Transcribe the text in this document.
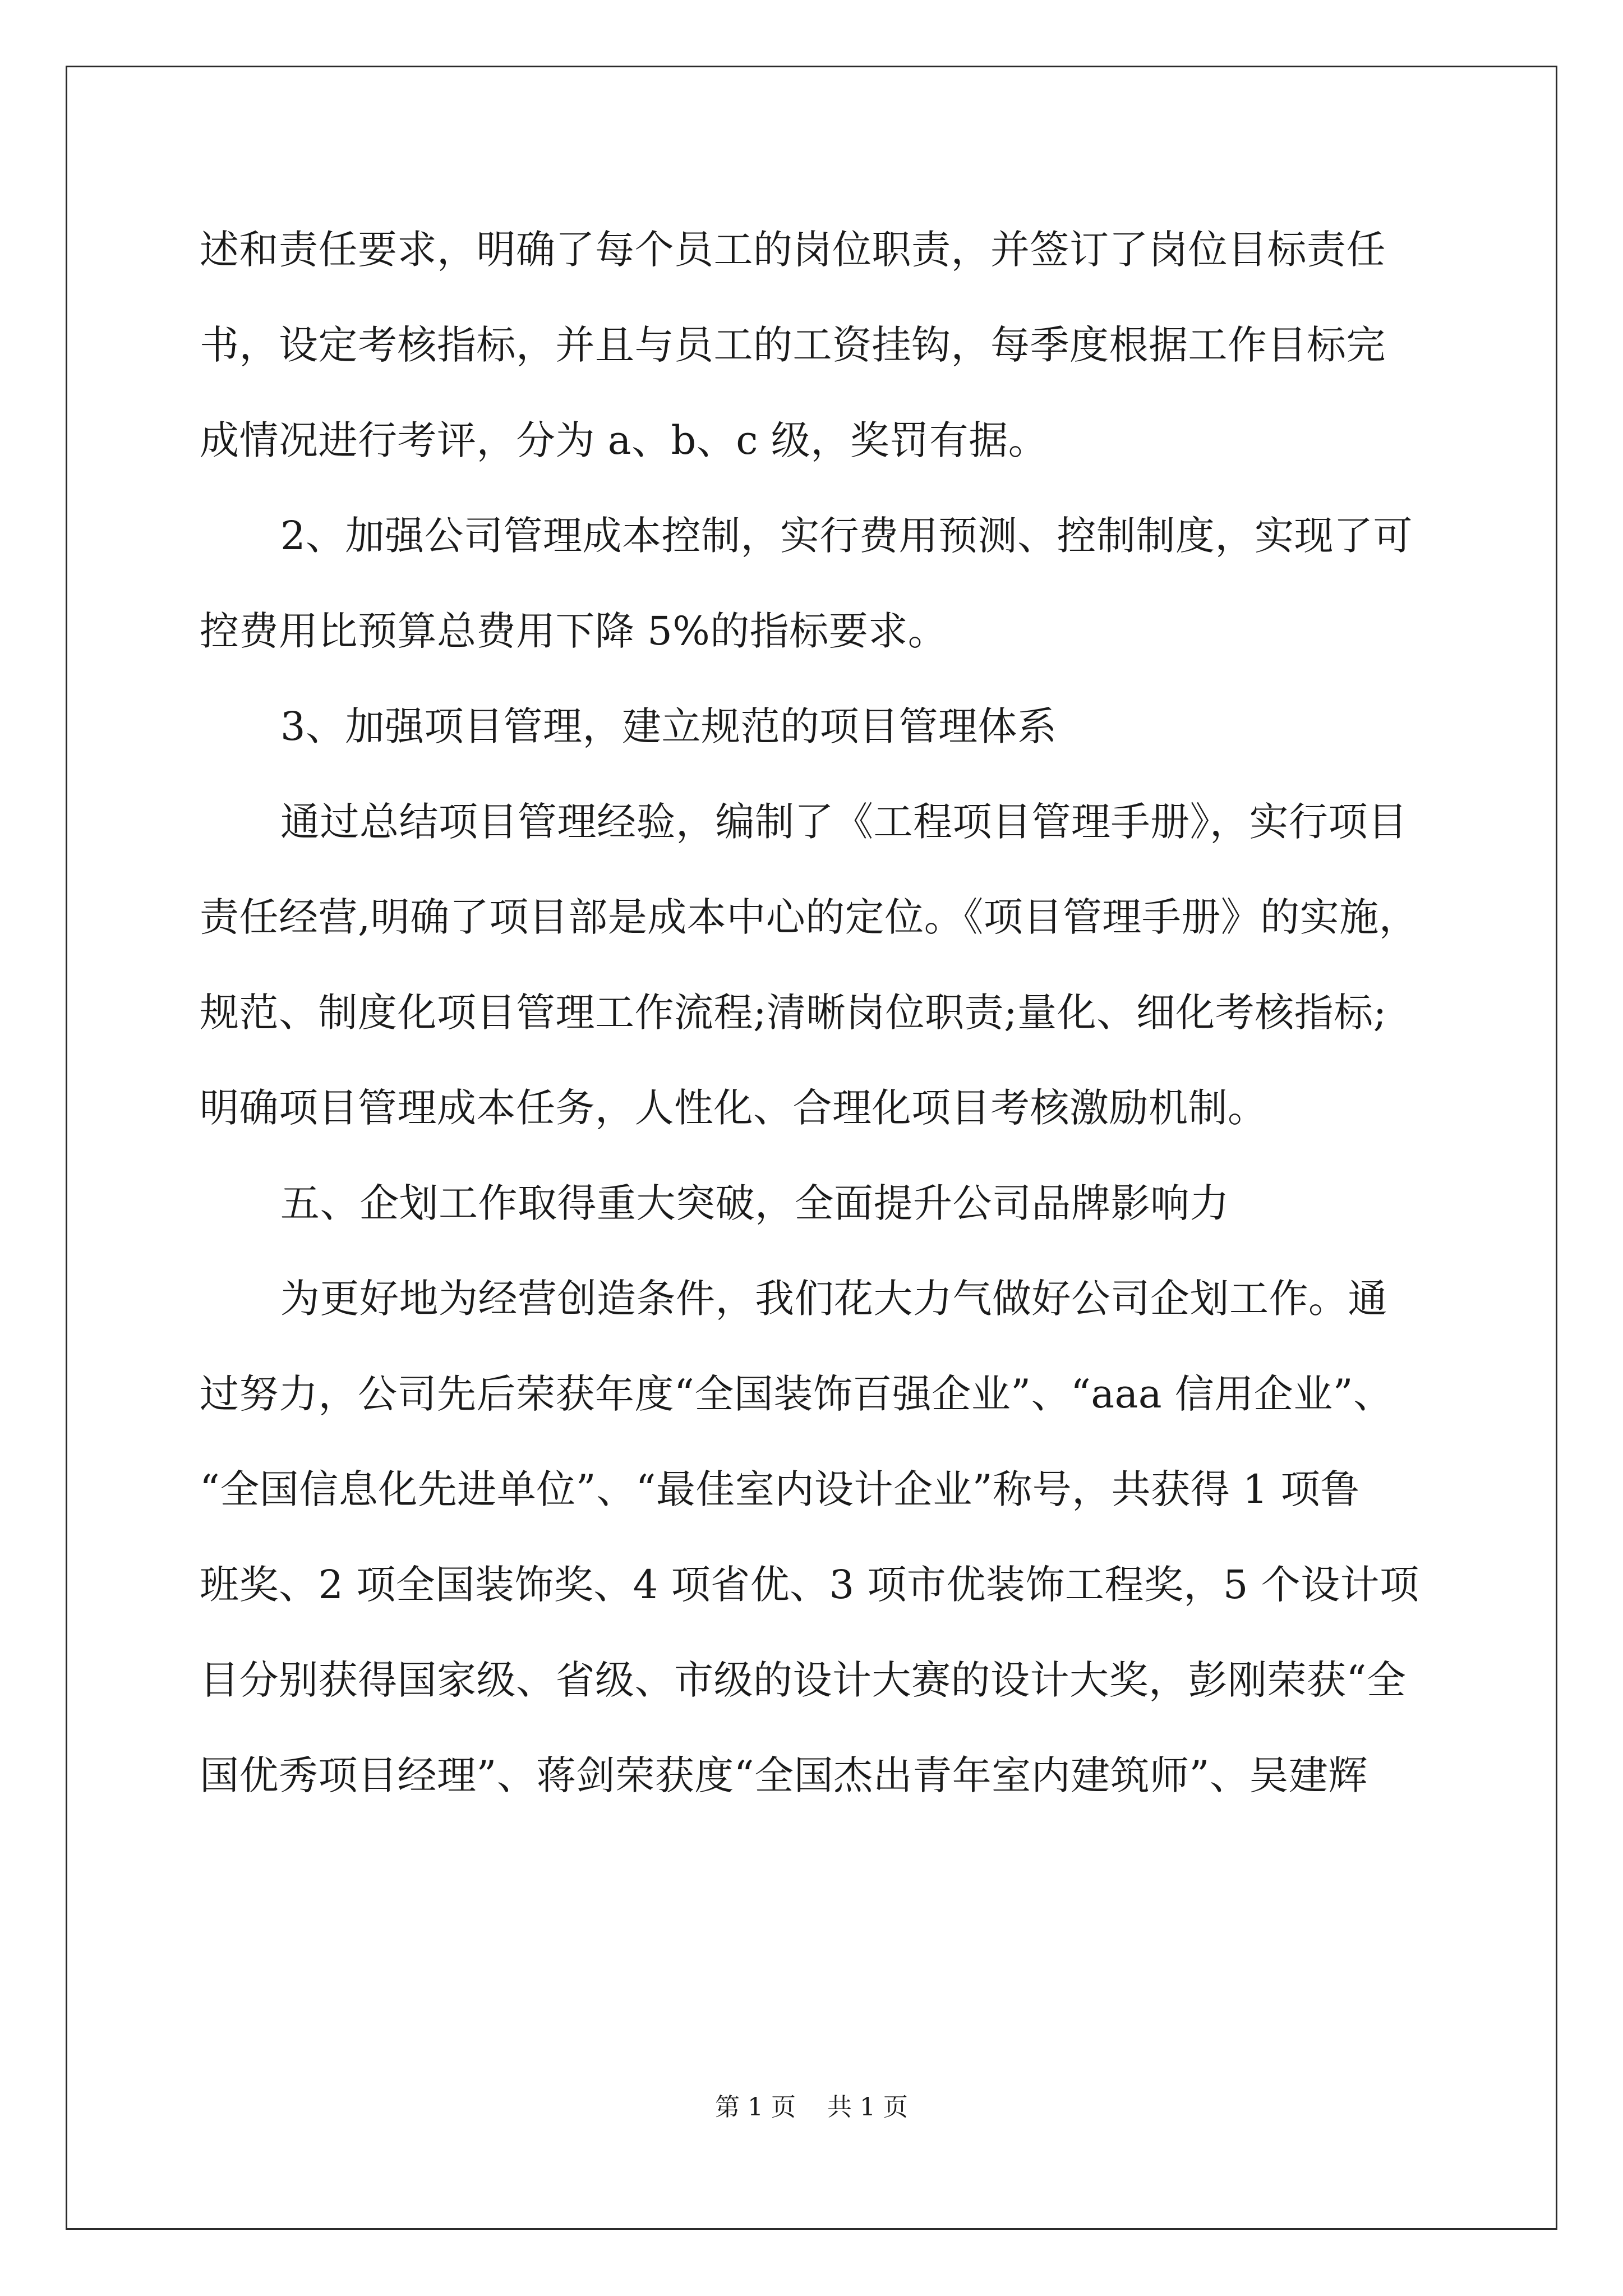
述和责任要求，明确了每个员工的岗位职责，并签订了岗位目标责任
书，设定考核指标，并且与员工的工资挂钩，每季度根据工作目标完
成情况进行考评，分为 a、b、c 级，奖罚有据。
2、加强公司管理成本控制，实行费用预测、控制制度，实现了可
控费用比预算总费用下降 5%的指标要求。
3、加强项目管理，建立规范的项目管理体系
通过总结项目管理经验，编制了《工程项目管理手册》，实行项目
责任经营,明确了项目部是成本中心的定位。《项目管理手册》的实施，
规范、制度化项目管理工作流程;清晰岗位职责;量化、细化考核指标;
明确项目管理成本任务，人性化、合理化项目考核激励机制。
五、企划工作取得重大突破，全面提升公司品牌影响力
为更好地为经营创造条件，我们花大力气做好公司企划工作。通
过努力，公司先后荣获年度“全国装饰百强企业”、“aaa 信用企业”、
“全国信息化先进单位”、“最佳室内设计企业”称号，共获得 1 项鲁
班奖、2 项全国装饰奖、4 项省优、3 项市优装饰工程奖，5 个设计项
目分别获得国家级、省级、市级的设计大赛的设计大奖，彭刚荣获“全
国优秀项目经理”、蒋剑荣获度“全国杰出青年室内建筑师”、吴建辉
第 1 页    共 1 页
